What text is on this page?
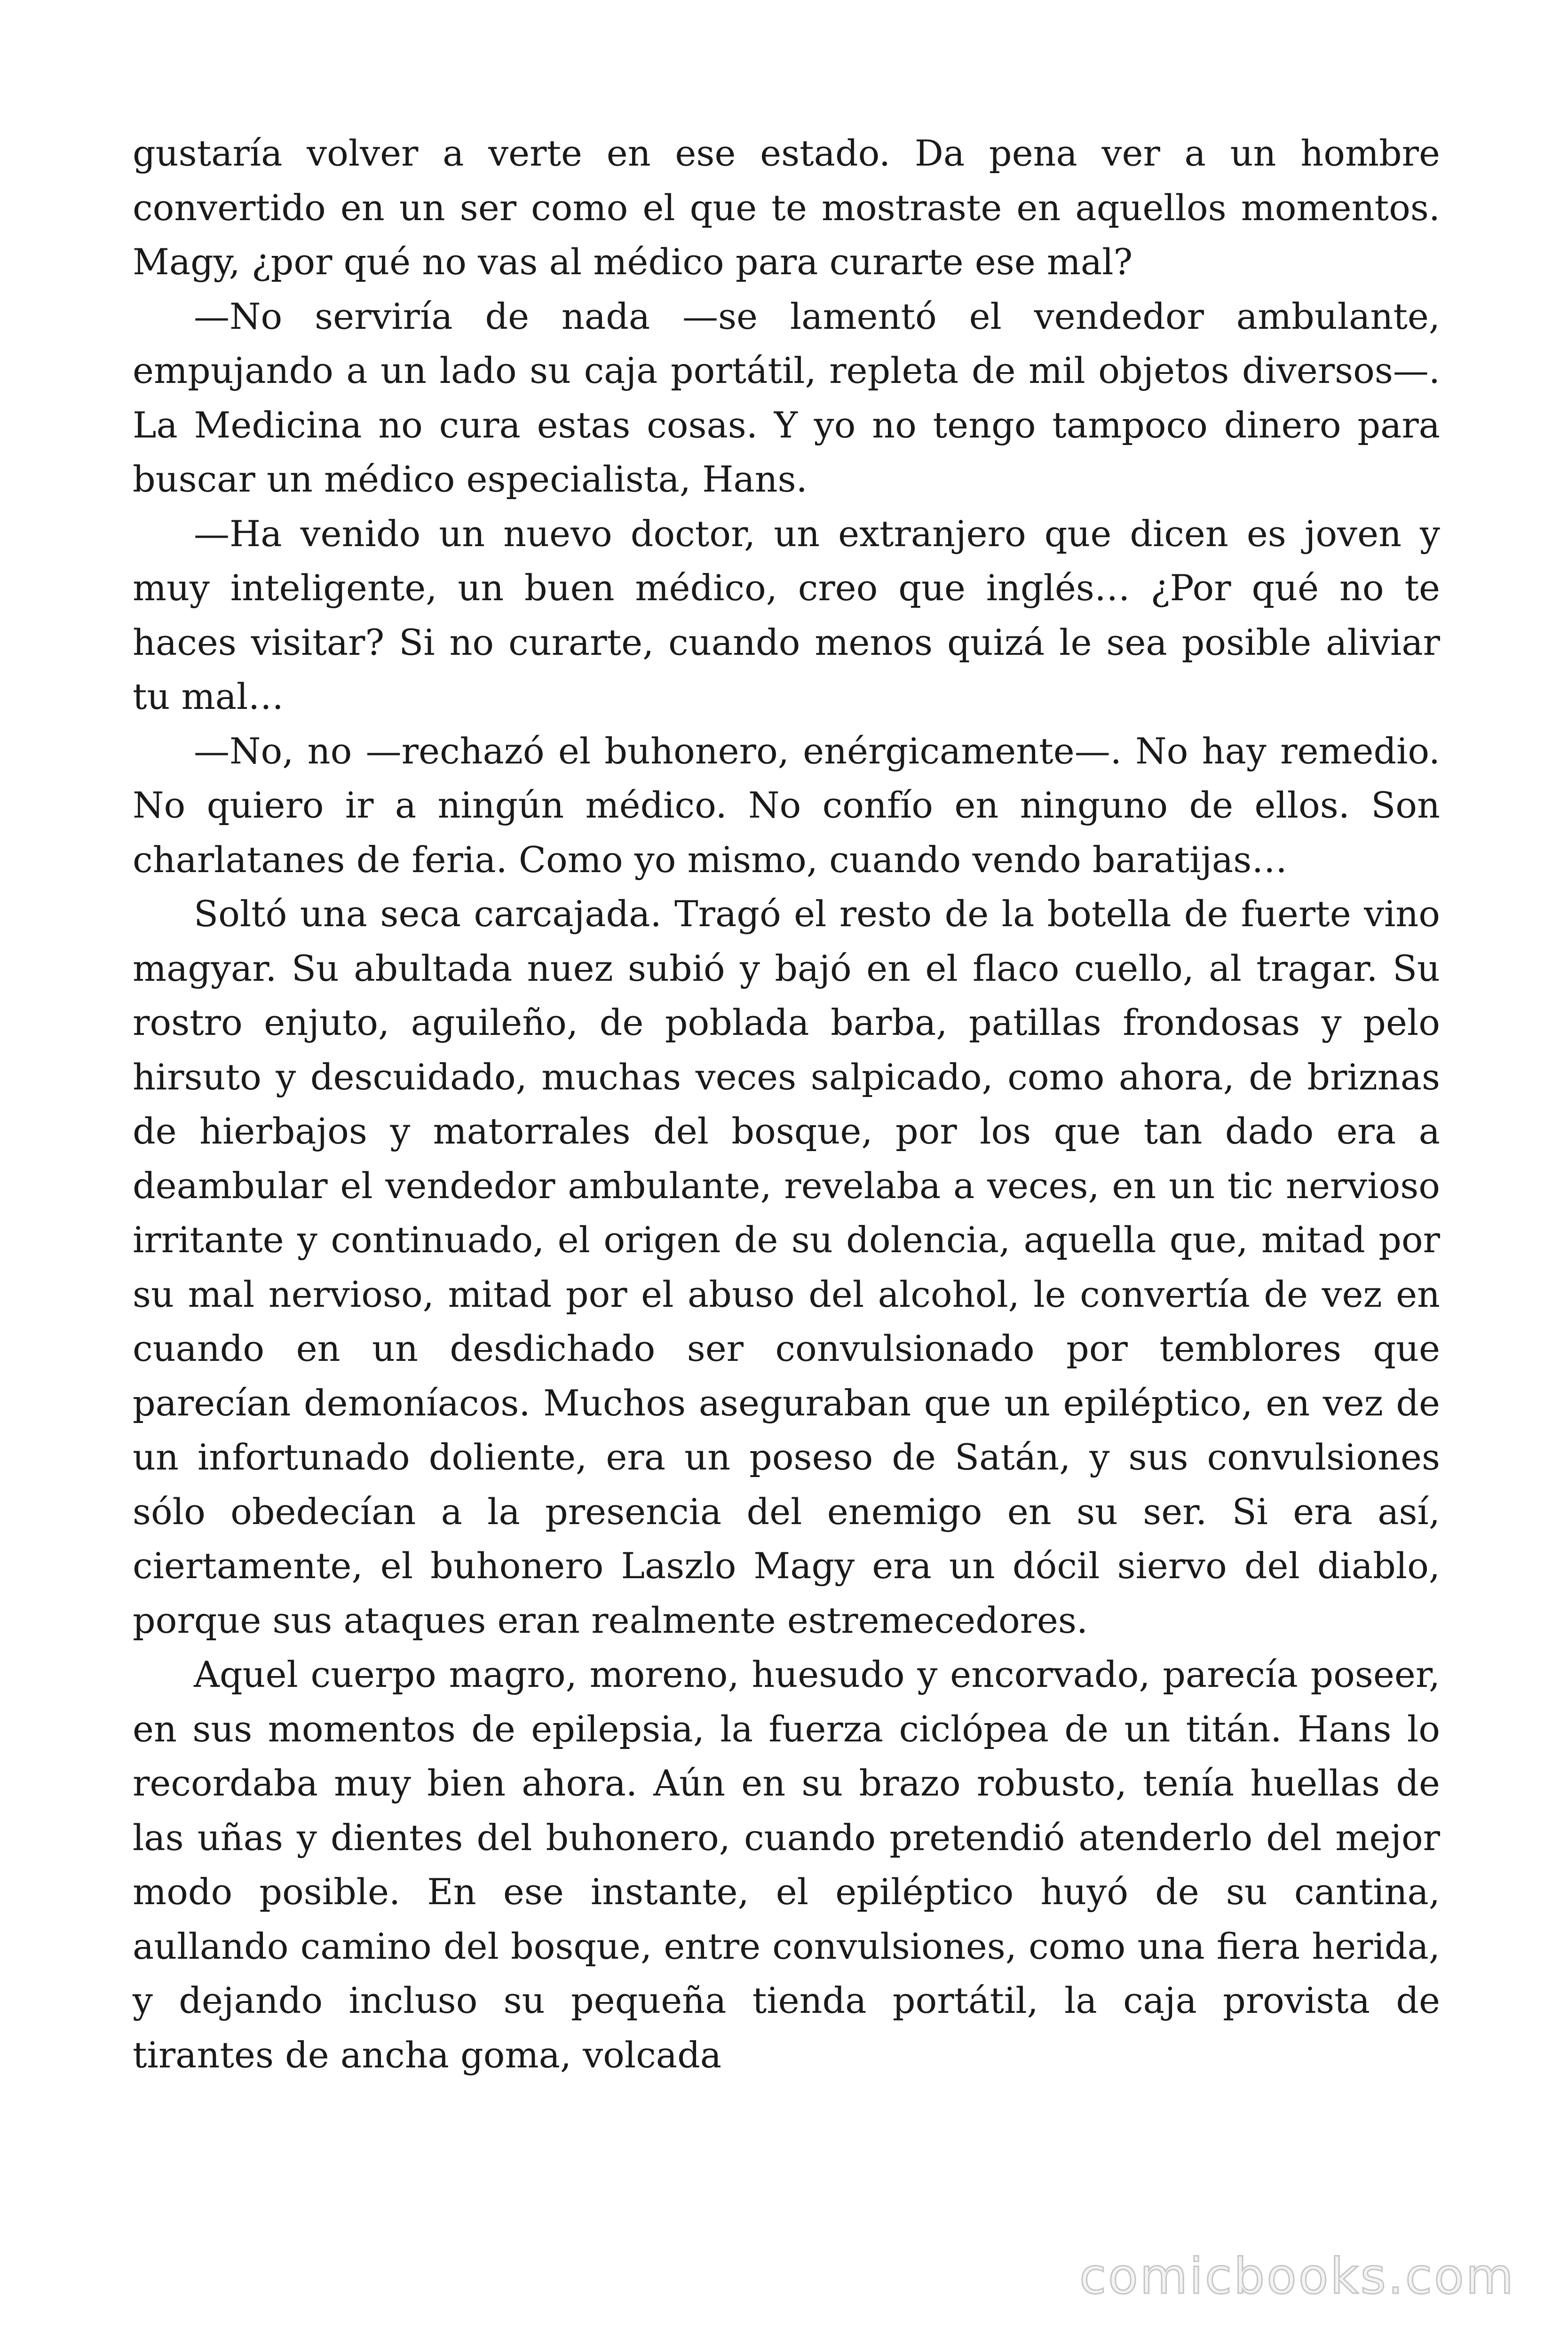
gustaría volver a verte en ese estado. Da pena ver a un hombre convertido en un ser como el que te mostraste en aquellos momentos. Magy, ¿por qué no vas al médico para curarte ese mal?

—No serviría de nada —se lamentó el vendedor ambulante, empujando a un lado su caja portátil, repleta de mil objetos diversos—. La Medicina no cura estas cosas. Y yo no tengo tampoco dinero para buscar un médico especialista, Hans.

—Ha venido un nuevo doctor, un extranjero que dicen es joven y muy inteligente, un buen médico, creo que inglés… ¿Por qué no te haces visitar? Si no curarte, cuando menos quizá le sea posible aliviar tu mal…

—No, no —rechazó el buhonero, enérgicamente—. No hay remedio. No quiero ir a ningún médico. No confío en ninguno de ellos. Son charlatanes de feria. Como yo mismo, cuando vendo baratijas…

Soltó una seca carcajada. Tragó el resto de la botella de fuerte vino magyar. Su abultada nuez subió y bajó en el flaco cuello, al tragar. Su rostro enjuto, aguileño, de poblada barba, patillas frondosas y pelo hirsuto y descuidado, muchas veces salpicado, como ahora, de briznas de hierbajos y matorrales del bosque, por los que tan dado era a deambular el vendedor ambulante, revelaba a veces, en un tic nervioso irritante y continuado, el origen de su dolencia, aquella que, mitad por su mal nervioso, mitad por el abuso del alcohol, le convertía de vez en cuando en un desdichado ser convulsionado por temblores que parecían demoníacos. Muchos aseguraban que un epiléptico, en vez de un infortunado doliente, era un poseso de Satán, y sus convulsiones sólo obedecían a la presencia del enemigo en su ser. Si era así, ciertamente, el buhonero Laszlo Magy era un dócil siervo del diablo, porque sus ataques eran realmente estremecedores.

Aquel cuerpo magro, moreno, huesudo y encorvado, parecía poseer, en sus momentos de epilepsia, la fuerza ciclópea de un titán. Hans lo recordaba muy bien ahora. Aún en su brazo robusto, tenía huellas de las uñas y dientes del buhonero, cuando pretendió atenderlo del mejor modo posible. En ese instante, el epiléptico huyó de su cantina, aullando camino del bosque, entre convulsiones, como una fiera herida, y dejando incluso su pequeña tienda portátil, la caja provista de tirantes de ancha goma, volcada

comicbooks.com
